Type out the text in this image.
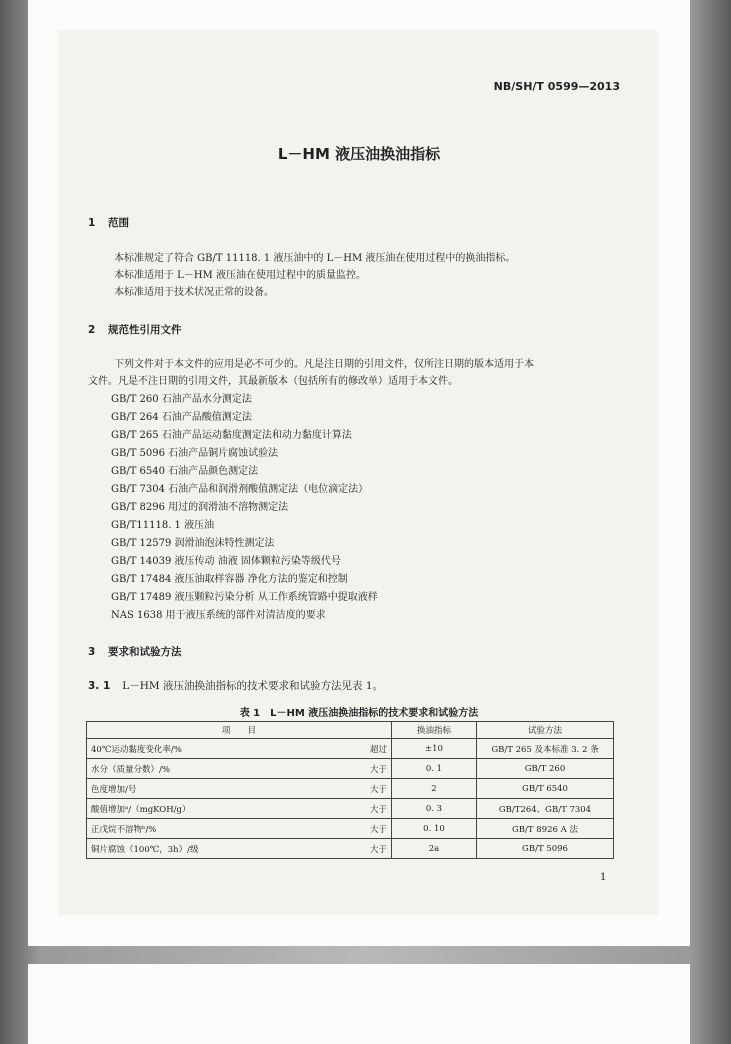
NB/SH/T 0599—2013
L－HM 液压油换油指标
1 范围
本标准规定了符合 GB/T 11118. 1 液压油中的 L－HM 液压油在使用过程中的换油指标。
本标准适用于 L－HM 液压油在使用过程中的质量监控。
本标准适用于技术状况正常的设备。
2 规范性引用文件
下列文件对于本文件的应用是必不可少的。凡是注日期的引用文件，仅所注日期的版本适用于本
文件。凡是不注日期的引用文件，其最新版本（包括所有的修改单）适用于本文件。
GB/T 260 石油产品水分测定法
GB/T 264 石油产品酸值测定法
GB/T 265 石油产品运动黏度测定法和动力黏度计算法
GB/T 5096 石油产品铜片腐蚀试验法
GB/T 6540 石油产品颜色测定法
GB/T 7304 石油产品和润滑剂酸值测定法（电位滴定法）
GB/T 8296 用过的润滑油不溶物测定法
GB/T11118. 1 液压油
GB/T 12579 润滑油泡沫特性测定法
GB/T 14039 液压传动 油液 固体颗粒污染等级代号
GB/T 17484 液压油取样容器 净化方法的鉴定和控制
GB/T 17489 液压颗粒污染分析 从工作系统管路中提取液样
NAS 1638 用于液压系统的部件对清洁度的要求
3 要求和试验方法
3. 1 L－HM 液压油换油指标的技术要求和试验方法见表 1。
表 1　L－HM 液压油换油指标的技术要求和试验方法
项　　目		换油指标	试验方法
40℃运动黏度变化率/%	超过	±10	GB/T 265 及本标准 3. 2 条
水分（质量分数）/%	大于	0. 1	GB/T 260
色度增加/号	大于	2	GB/T 6540
酸值增加ᵃ/（mgKOH/g）	大于	0. 3	GB/T264、GB/T 7304
正戊烷不溶物ᵇ/%	大于	0. 10	GB/T 8926 A 法
铜片腐蚀（100℃，3h）/级	大于	2a	GB/T 5096
1
